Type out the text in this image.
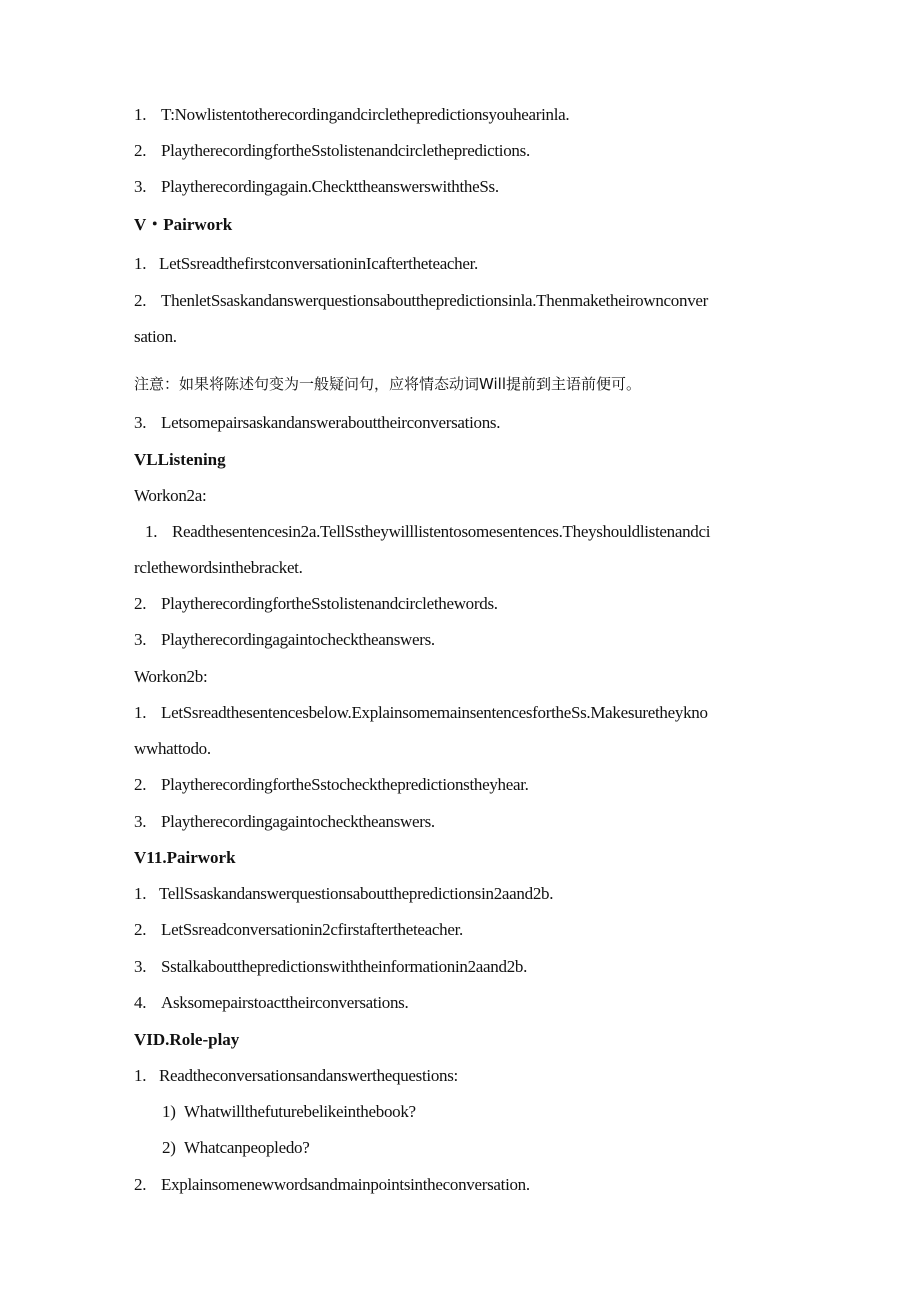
1. T:Nowlistentotherecordingandcirclethepredictionsyouhearinla.
2. PlaytherecordingfortheSstolistenandcirclethepredictions.
3. Playtherecordingagain.CheckttheanswerswiththeSs.
V・Pairwork
1. LetSsreadthefirstconversationinIcaftertheteacher.
2. ThenletSsaskandanswerquestionsaboutthepredictionsinla.Thenmaketheirownconver
sation.
注意：如果将陈述句变为一般疑问句，应将情态动词Will提前到主语前便可。
3. Letsomepairsaskandanswerabouttheirconversations.
VLListening
Workon2a:
1. Readthesentencesin2a.TellSstheywilllistentosomesentences.Theyshouldlistenandci
rclethewordsinthebracket.
2. PlaytherecordingfortheSstolistenandcirclethewords.
3. Playtherecordingagaintochecktheanswers.
Workon2b:
1. LetSsreadthesentencesbelow.ExplainsomemainsentencesfortheSs.Makesuretheykno
wwhattodo.
2. PlaytherecordingfortheSstocheckthepredictionstheyhear.
3. Playtherecordingagaintochecktheanswers.
V11.Pairwork
1. TellSsaskandanswerquestionsaboutthepredictionsin2aand2b.
2. LetSsreadconversationin2cfirstaftertheteacher.
3. Sstalkaboutthepredictionswiththeinformationin2aand2b.
4. Asksomepairstoacttheirconversations.
VID.Role-play
1. Readtheconversationsandanswerthequestions:
1) Whatwillthefuturebelikeinthebook?
2) Whatcanpeopledo?
2. Explainsomenewwordsandmainpointsintheconversation.
